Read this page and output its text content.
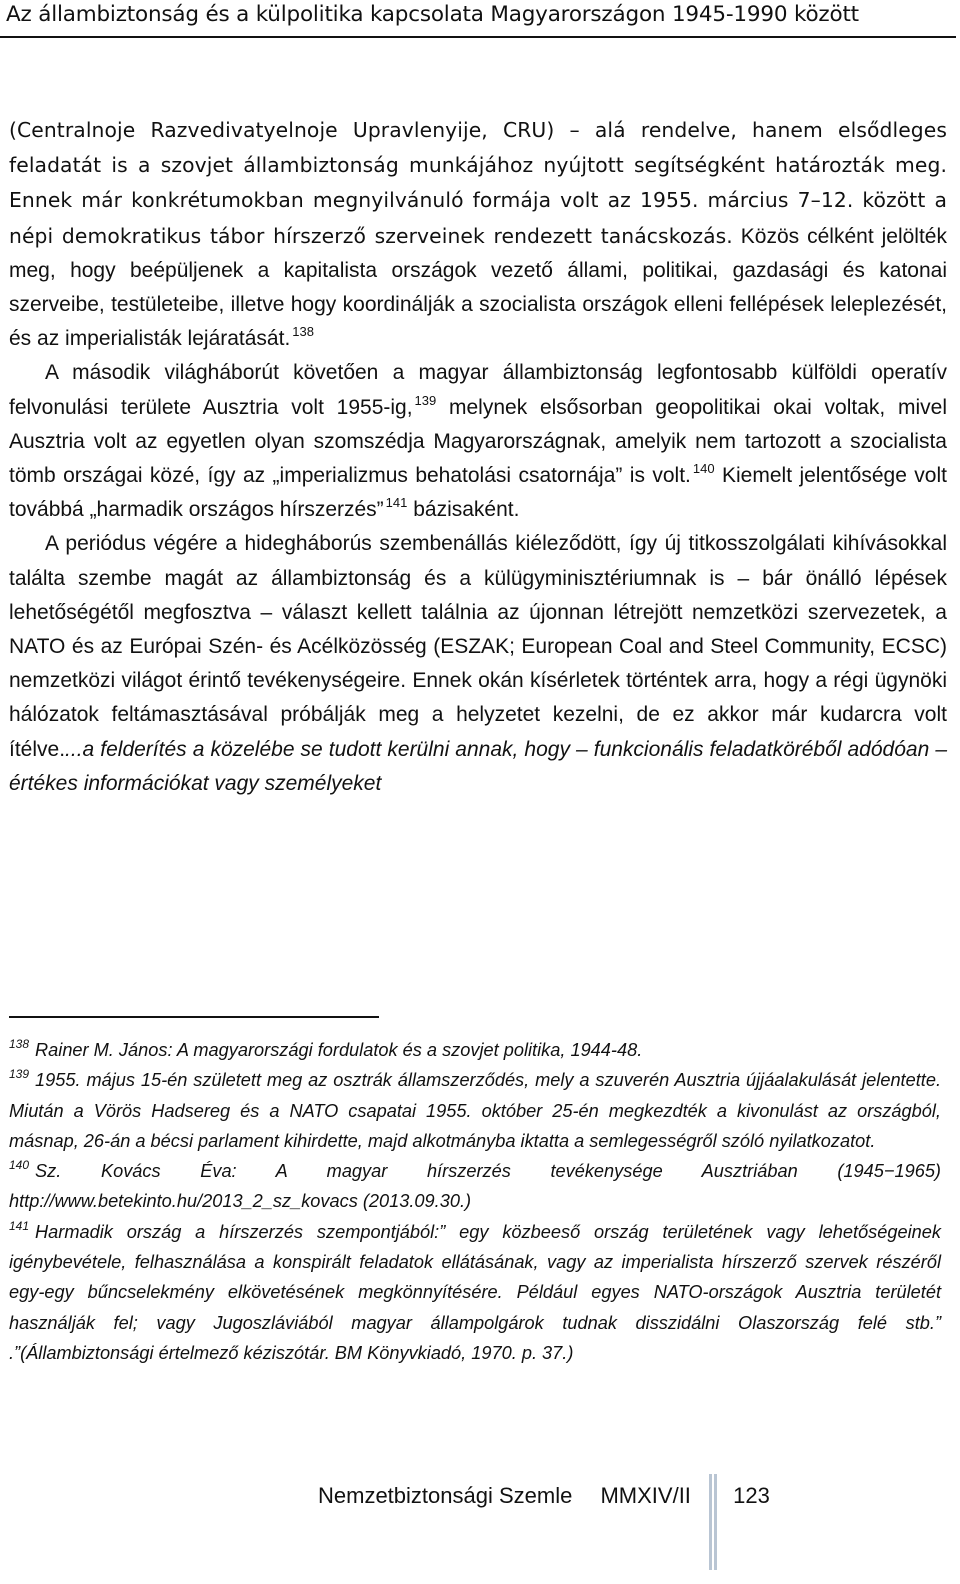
Az állambiztonság és a külpolitika kapcsolata Magyarországon 1945-1990 között

(Centralnoje Razvedivatyelnoje Upravlenyije, CRU) – alá rendelve, hanem elsődleges feladatát is a szovjet állambiztonság munkájához nyújtott segítségként határozták meg. Ennek már konkrétumokban megnyilvánuló formája volt az 1955. március 7–12. között a népi demokratikus tábor hírszerző szerveinek rendezett tanácskozás. Közös célként jelölték meg, hogy beépüljenek a kapitalista országok vezető állami, politikai, gazdasági és katonai szerveibe, testületeibe, illetve hogy koordinálják a szocialista országok elleni fellépések leleplezését, és az imperialisták lejáratását. $^{138}$

A második világháborút követően a magyar állambiztonság legfontosabb külföldi operatív felvonulási területe Ausztria volt 1955-ig, $^{139}$ melynek elsősorban geopolitikai okai voltak, mivel Ausztria volt az egyetlen olyan szomszédja Magyarországnak, amelyik nem tartozott a szocialista tömb országai közé, így az „imperializmus behatolási csatornája” is volt. $^{140}$ Kiemelt jelentősége volt továbbá „harmadik országos hírszerzés” $^{141}$ bázisaként.

A periódus végére a hidegháborús szembenállás kiéleződött, így új titkosszolgálati kihívásokkal találta szembe magát az állambiztonság és a külügyminisztériumnak is – bár önálló lépések lehetőségétől megfosztva – választ kellett találnia az újonnan létrejött nemzetközi szervezetek, a NATO és az Európai Szén- és Acélközösség (ESZAK; European Coal and Steel Community, ECSC) nemzetközi világot érintő tevékenységeire. Ennek okán kísérletek történtek arra, hogy a régi ügynöki hálózatok feltámasztásával próbálják meg a helyzetet kezelni, de ez akkor már kudarcra volt ítélve....a felderítés a közelébe se tudott kerülni annak, hogy – funkcionális feladatköréből adódóan – értékes információkat vagy személyeket

$^{138}$ Rainer M. János: A magyarországi fordulatok és a szovjet politika, 1944-48.

$^{139}$ 1955. május 15-én született meg az osztrák államszerződés, mely a szuverén Ausztria újjáalakulását jelentette. Miután a Vörös Hadsereg és a NATO csapatai 1955. október 25-én megkezdték a kivonulást az országból, másnap, 26-án a bécsi parlament kihirdette, majd alkotmányba iktatta a semlegességről szóló nyilatkozatot.

$^{140}$ Sz. Kovács Éva: A magyar hírszerzés tevékenysége Ausztriában (1945−1965) http://www.betekinto.hu/2013_2_sz_kovacs (2013.09.30.)

$^{141}$ Harmadik ország a hírszerzés szempontjából:” egy közbeeső ország területének vagy lehetőségeinek igénybevétele, felhasználása a konspirált feladatok ellátásának, vagy az imperialista hírszerző szervek részéről egy-egy bűncselekmény elkövetésének megkönnyítésére. Például egyes NATO-országok Ausztria területét használják fel; vagy Jugoszláviából magyar állampolgárok tudnak disszidálni Olaszország felé stb.” .”(Állambiztonsági értelmező kéziszótár. BM Könyvkiadó, 1970. p. 37.)

Nemzetbiztonsági Szemle MMXIV/II 123
